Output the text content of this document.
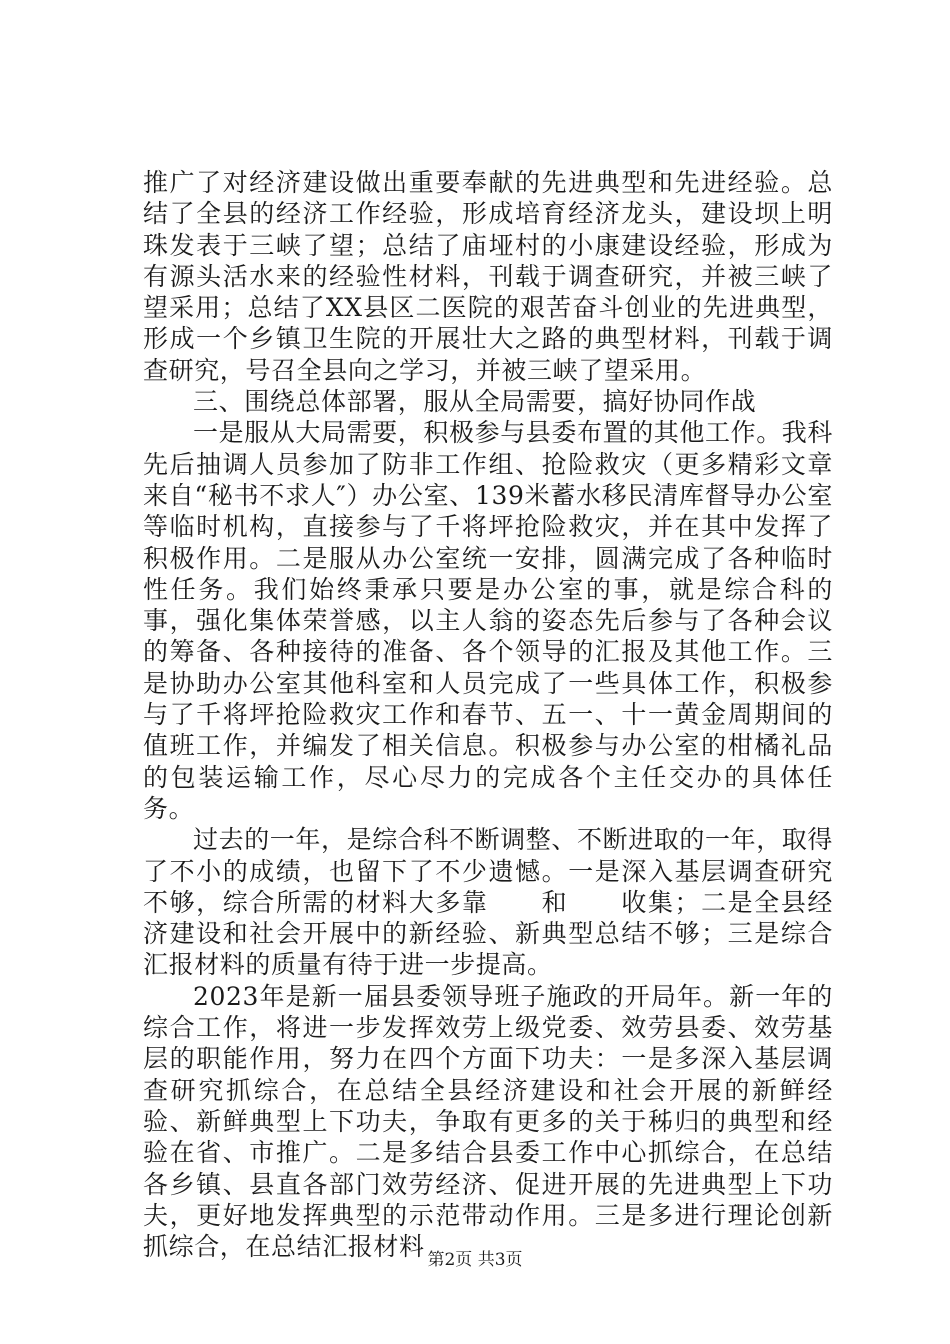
推广了对经济建设做出重要奉献的先进典型和先进经验。总结了全县的经济工作经验，形成培育经济龙头，建设坝上明珠发表于三峡了望；总结了庙垭村的小康建设经验，形成为有源头活水来的经验性材料，刊载于调查研究，并被三峡了望采用；总结了XX县区二医院的艰苦奋斗创业的先进典型，形成一个乡镇卫生院的开展壮大之路的典型材料，刊载于调查研究，号召全县向之学习，并被三峡了望采用。

三、围绕总体部署，服从全局需要，搞好协同作战

一是服从大局需要，积极参与县委布置的其他工作。我科先后抽调人员参加了防非工作组、抢险救灾（更多精彩文章来自“秘书不求人″）办公室、139米蓄水移民清库督导办公室等临时机构，直接参与了千将坪抢险救灾，并在其中发挥了积极作用。二是服从办公室统一安排，圆满完成了各种临时性任务。我们始终秉承只要是办公室的事，就是综合科的事，强化集体荣誉感，以主人翁的姿态先后参与了各种会议的筹备、各种接待的准备、各个领导的汇报及其他工作。三是协助办公室其他科室和人员完成了一些具体工作，积极参与了千将坪抢险救灾工作和春节、五一、十一黄金周期间的值班工作，并编发了相关信息。积极参与办公室的柑橘礼品的包装运输工作，尽心尽力的完成各个主任交办的具体任务。

过去的一年，是综合科不断调整、不断进取的一年，取得了不小的成绩，也留下了不少遗憾。一是深入基层调查研究不够，综合所需的材料大多靠　　和　　收集；二是全县经济建设和社会开展中的新经验、新典型总结不够；三是综合汇报材料的质量有待于进一步提高。

2023年是新一届县委领导班子施政的开局年。新一年的综合工作，将进一步发挥效劳上级党委、效劳县委、效劳基层的职能作用，努力在四个方面下功夫：一是多深入基层调查研究抓综合，在总结全县经济建设和社会开展的新鲜经验、新鲜典型上下功夫，争取有更多的关于秭归的典型和经验在省、市推广。二是多结合县委工作中心抓综合，在总结各乡镇、县直各部门效劳经济、促进开展的先进典型上下功夫，更好地发挥典型的示范带动作用。三是多进行理论创新抓综合，在总结汇报材料 第2页 共3页
